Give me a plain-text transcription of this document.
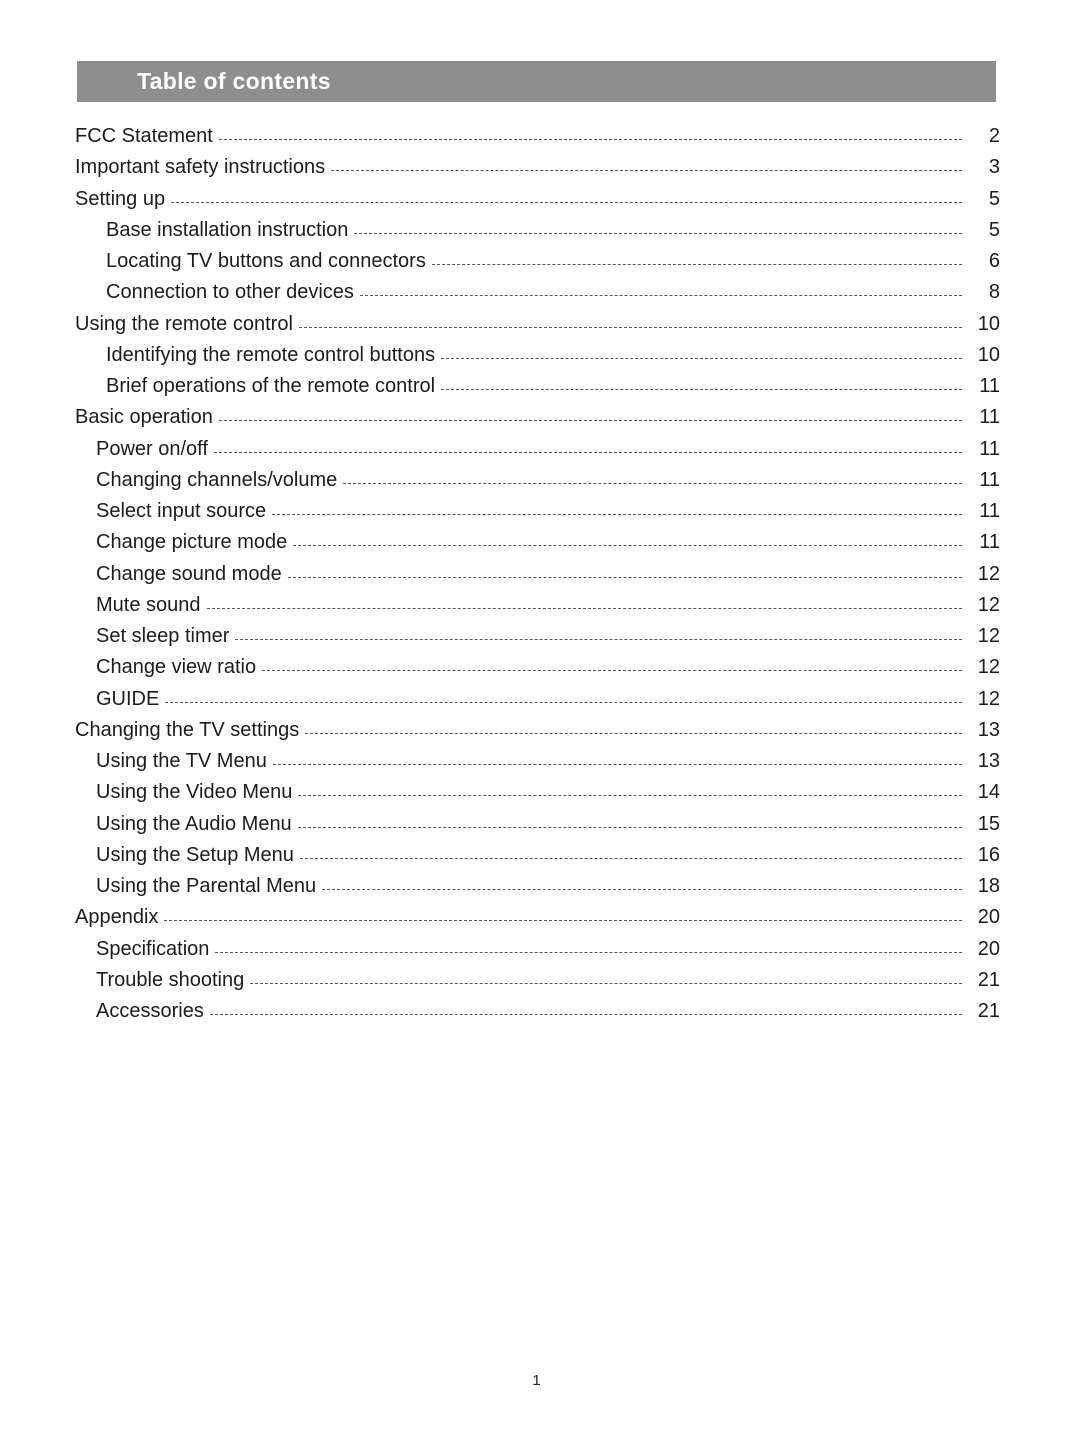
Table of contents
FCC Statement	2
Important safety instructions	3
Setting up	5
Base installation instruction	5
Locating TV buttons and connectors	6
Connection to other devices	8
Using the remote control	10
Identifying the remote control buttons	10
Brief operations of the remote control	11
Basic operation	11
Power on/off	11
Changing channels/volume	11
Select input source	11
Change picture mode	11
Change sound mode	12
Mute sound	12
Set sleep timer	12
Change view ratio	12
GUIDE	12
Changing the TV settings	13
Using the TV Menu	13
Using the Video Menu	14
Using the Audio Menu	15
Using the Setup Menu	16
Using the Parental Menu	18
Appendix	20
Specification	20
Trouble shooting	21
Accessories	21
1
